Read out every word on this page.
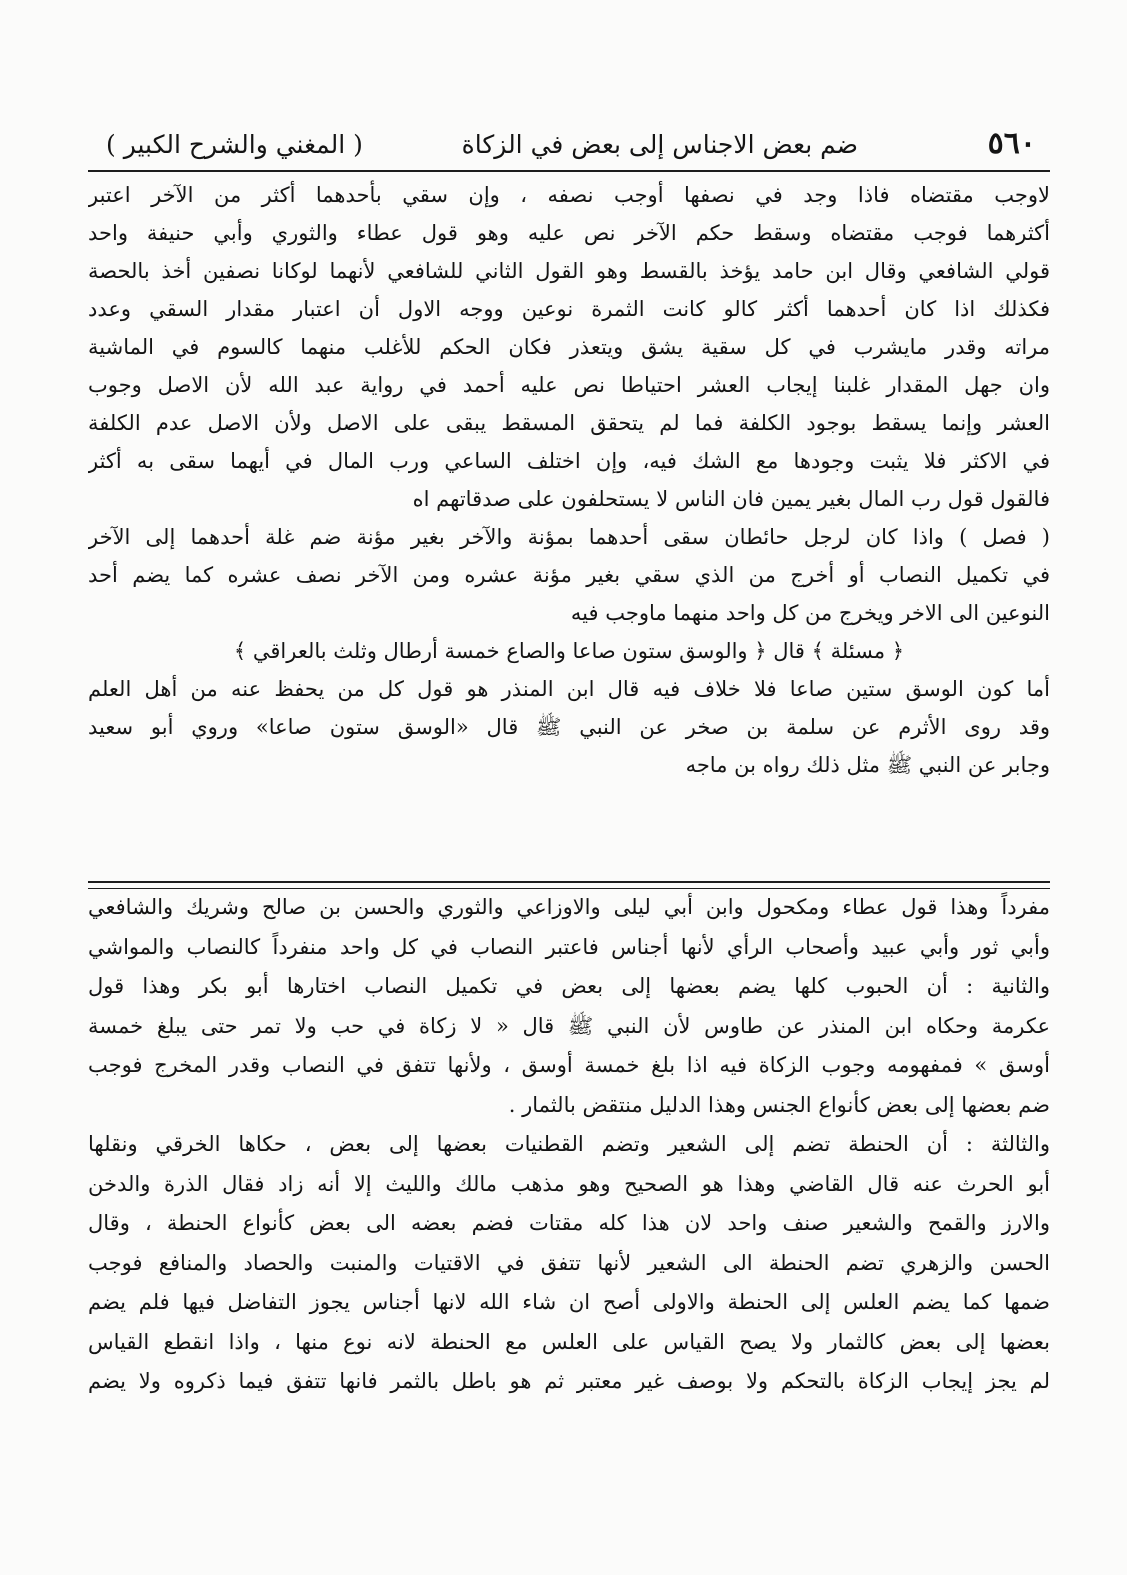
٥٦٠
ضم بعض الاجناس إلى بعض في الزكاة
( المغني والشرح الكبير )
لاوجب مقتضاه فاذا وجد في نصفها أوجب نصفه ، وإن سقي بأحدهما أكثر من الآخر اعتبر
أكثرهما فوجب مقتضاه وسقط حكم الآخر نص عليه وهو قول عطاء والثوري وأبي حنيفة واحد
قولي الشافعي وقال ابن حامد يؤخذ بالقسط وهو القول الثاني للشافعي لأنهما لوكانا نصفين أخذ بالحصة
فكذلك اذا كان أحدهما أكثر كالو كانت الثمرة نوعين ووجه الاول أن اعتبار مقدار السقي وعدد
مراته وقدر مايشرب في كل سقية يشق ويتعذر فكان الحكم للأغلب منهما كالسوم في الماشية
وان جهل المقدار غلبنا إيجاب العشر احتياطا نص عليه أحمد في رواية عبد الله لأن الاصل وجوب
العشر وإنما يسقط بوجود الكلفة فما لم يتحقق المسقط يبقى على الاصل ولأن الاصل عدم الكلفة
في الاكثر فلا يثبت وجودها مع الشك فيه، وإن اختلف الساعي ورب المال في أيهما سقى به أكثر
فالقول قول رب المال بغير يمين فان الناس لا يستحلفون على صدقاتهم اه
( فصل ) واذا كان لرجل حائطان سقى أحدهما بمؤنة والآخر بغير مؤنة ضم غلة أحدهما إلى الآخر
في تكميل النصاب أو أخرج من الذي سقي بغير مؤنة عشره ومن الآخر نصف عشره كما يضم أحد
النوعين الى الاخر ويخرج من كل واحد منهما ماوجب فيه
﴿ مسئلة ﴾ قال ﴿ والوسق ستون صاعا والصاع خمسة أرطال وثلث بالعراقي ﴾
أما كون الوسق ستين صاعا فلا خلاف فيه قال ابن المنذر هو قول كل من يحفظ عنه من أهل العلم
وقد روى الأثرم عن سلمة بن صخر عن النبي ﷺ قال «الوسق ستون صاعا» وروي أبو سعيد
وجابر عن النبي ﷺ مثل ذلك رواه بن ماجه
مفرداً وهذا قول عطاء ومكحول وابن أبي ليلى والاوزاعي والثوري والحسن بن صالح وشريك والشافعي
وأبي ثور وأبي عبيد وأصحاب الرأي لأنها أجناس فاعتبر النصاب في كل واحد منفرداً كالنصاب والمواشي
والثانية : أن الحبوب كلها يضم بعضها إلى بعض في تكميل النصاب اختارها أبو بكر وهذا قول
عكرمة وحكاه ابن المنذر عن طاوس لأن النبي ﷺ قال « لا زكاة في حب ولا تمر حتى يبلغ خمسة
أوسق » فمفهومه وجوب الزكاة فيه اذا بلغ خمسة أوسق ، ولأنها تتفق في النصاب وقدر المخرج فوجب
ضم بعضها إلى بعض كأنواع الجنس وهذا الدليل منتقض بالثمار .
والثالثة : أن الحنطة تضم إلى الشعير وتضم القطنيات بعضها إلى بعض ، حكاها الخرقي ونقلها
أبو الحرث عنه قال القاضي وهذا هو الصحيح وهو مذهب مالك والليث إلا أنه زاد فقال الذرة والدخن
والارز والقمح والشعير صنف واحد لان هذا كله مقتات فضم بعضه الى بعض كأنواع الحنطة ، وقال
الحسن والزهري تضم الحنطة الى الشعير لأنها تتفق في الاقتيات والمنبت والحصاد والمنافع فوجب
ضمها كما يضم العلس إلى الحنطة والاولى أصح ان شاء الله لانها أجناس يجوز التفاضل فيها فلم يضم
بعضها إلى بعض كالثمار ولا يصح القياس على العلس مع الحنطة لانه نوع منها ، واذا انقطع القياس
لم يجز إيجاب الزكاة بالتحكم ولا بوصف غير معتبر ثم هو باطل بالثمر فانها تتفق فيما ذكروه ولا يضم
